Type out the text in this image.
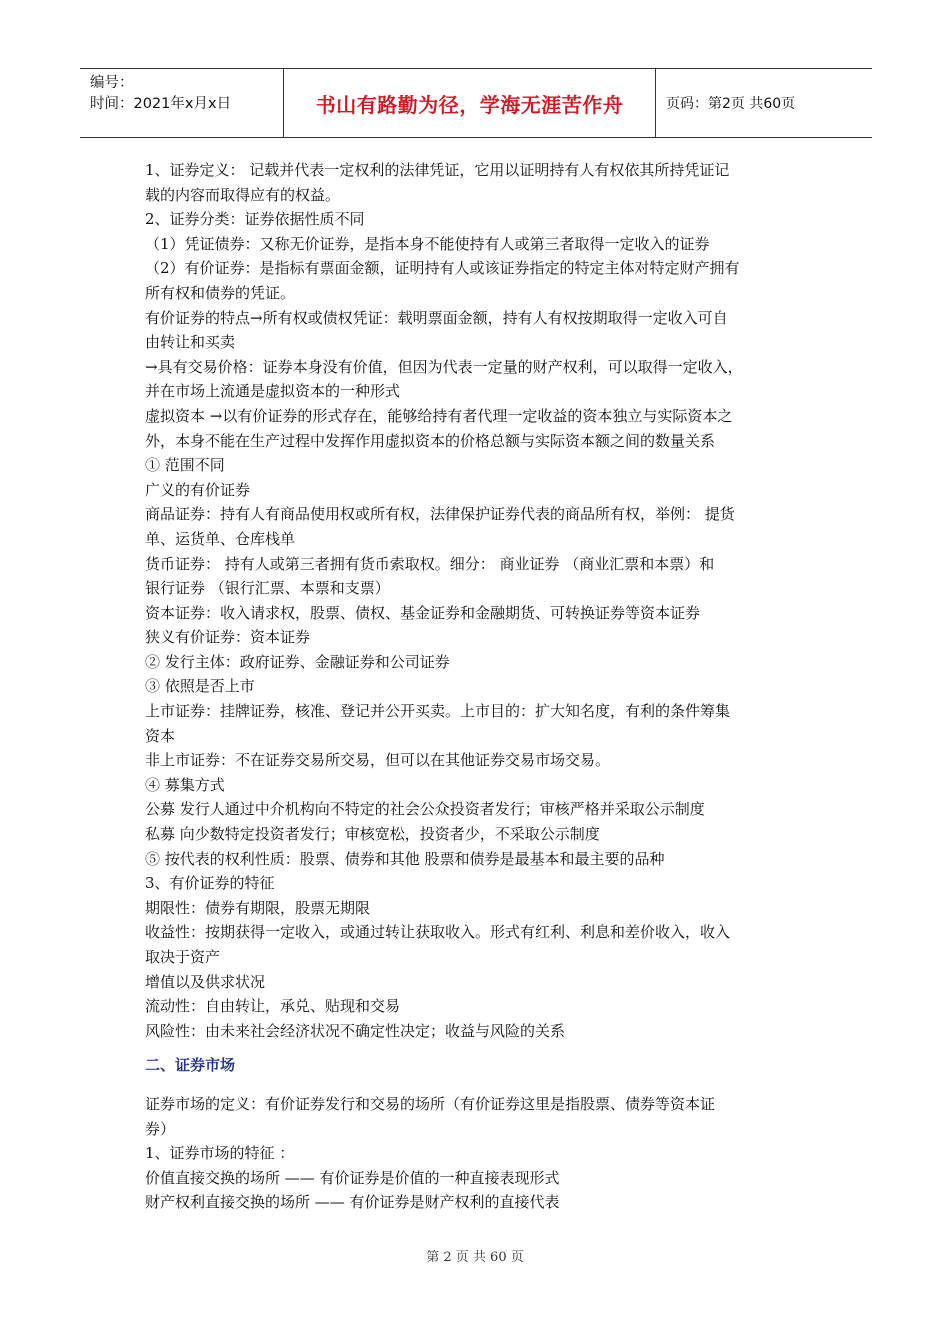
编号：
时间：2021年x月x日	书山有路勤为径，学海无涯苦作舟	页码：第2页 共60页
1、证券定义： 记载并代表一定权利的法律凭证，它用以证明持有人有权依其所持凭证记
载的内容而取得应有的权益。
2、证券分类：证券依据性质不同
（1）凭证债券：又称无价证券，是指本身不能使持有人或第三者取得一定收入的证券
（2）有价证券：是指标有票面金额，证明持有人或该证券指定的特定主体对特定财产拥有
所有权和债券的凭证。
有价证券的特点→所有权或债权凭证：载明票面金额，持有人有权按期取得一定收入可自
由转让和买卖
→具有交易价格：证券本身没有价值，但因为代表一定量的财产权利，可以取得一定收入，
并在市场上流通是虚拟资本的一种形式
虚拟资本 →以有价证券的形式存在，能够给持有者代理一定收益的资本独立与实际资本之
外，本身不能在生产过程中发挥作用虚拟资本的价格总额与实际资本额之间的数量关系
① 范围不同
广义的有价证券
商品证券：持有人有商品使用权或所有权，法律保护证券代表的商品所有权，举例： 提货
单、运货单、仓库栈单
货币证券： 持有人或第三者拥有货币索取权。细分： 商业证券 （商业汇票和本票）和
银行证券 （银行汇票、本票和支票）
资本证券：收入请求权，股票、债权、基金证券和金融期货、可转换证券等资本证券
狭义有价证券：资本证券
② 发行主体：政府证券、金融证券和公司证券
③ 依照是否上市
上市证券：挂牌证券，核准、登记并公开买卖。上市目的：扩大知名度，有利的条件筹集
资本
非上市证券：不在证券交易所交易，但可以在其他证券交易市场交易。
④ 募集方式
公募 发行人通过中介机构向不特定的社会公众投资者发行；审核严格并采取公示制度
私募 向少数特定投资者发行；审核宽松，投资者少，不采取公示制度
⑤ 按代表的权利性质：股票、债券和其他 股票和债券是最基本和最主要的品种
3、有价证券的特征
期限性：债券有期限，股票无期限
收益性：按期获得一定收入，或通过转让获取收入。形式有红利、利息和差价收入，收入
取决于资产
增值以及供求状况
流动性：自由转让，承兑、贴现和交易
风险性：由未来社会经济状况不确定性决定；收益与风险的关系
二、证券市场
证券市场的定义：有价证券发行和交易的场所（有价证券这里是指股票、债券等资本证
券）
1、证券市场的特征 ：
价值直接交换的场所 —— 有价证券是价值的一种直接表现形式
财产权利直接交换的场所 —— 有价证券是财产权利的直接代表
第 2 页 共 60 页
